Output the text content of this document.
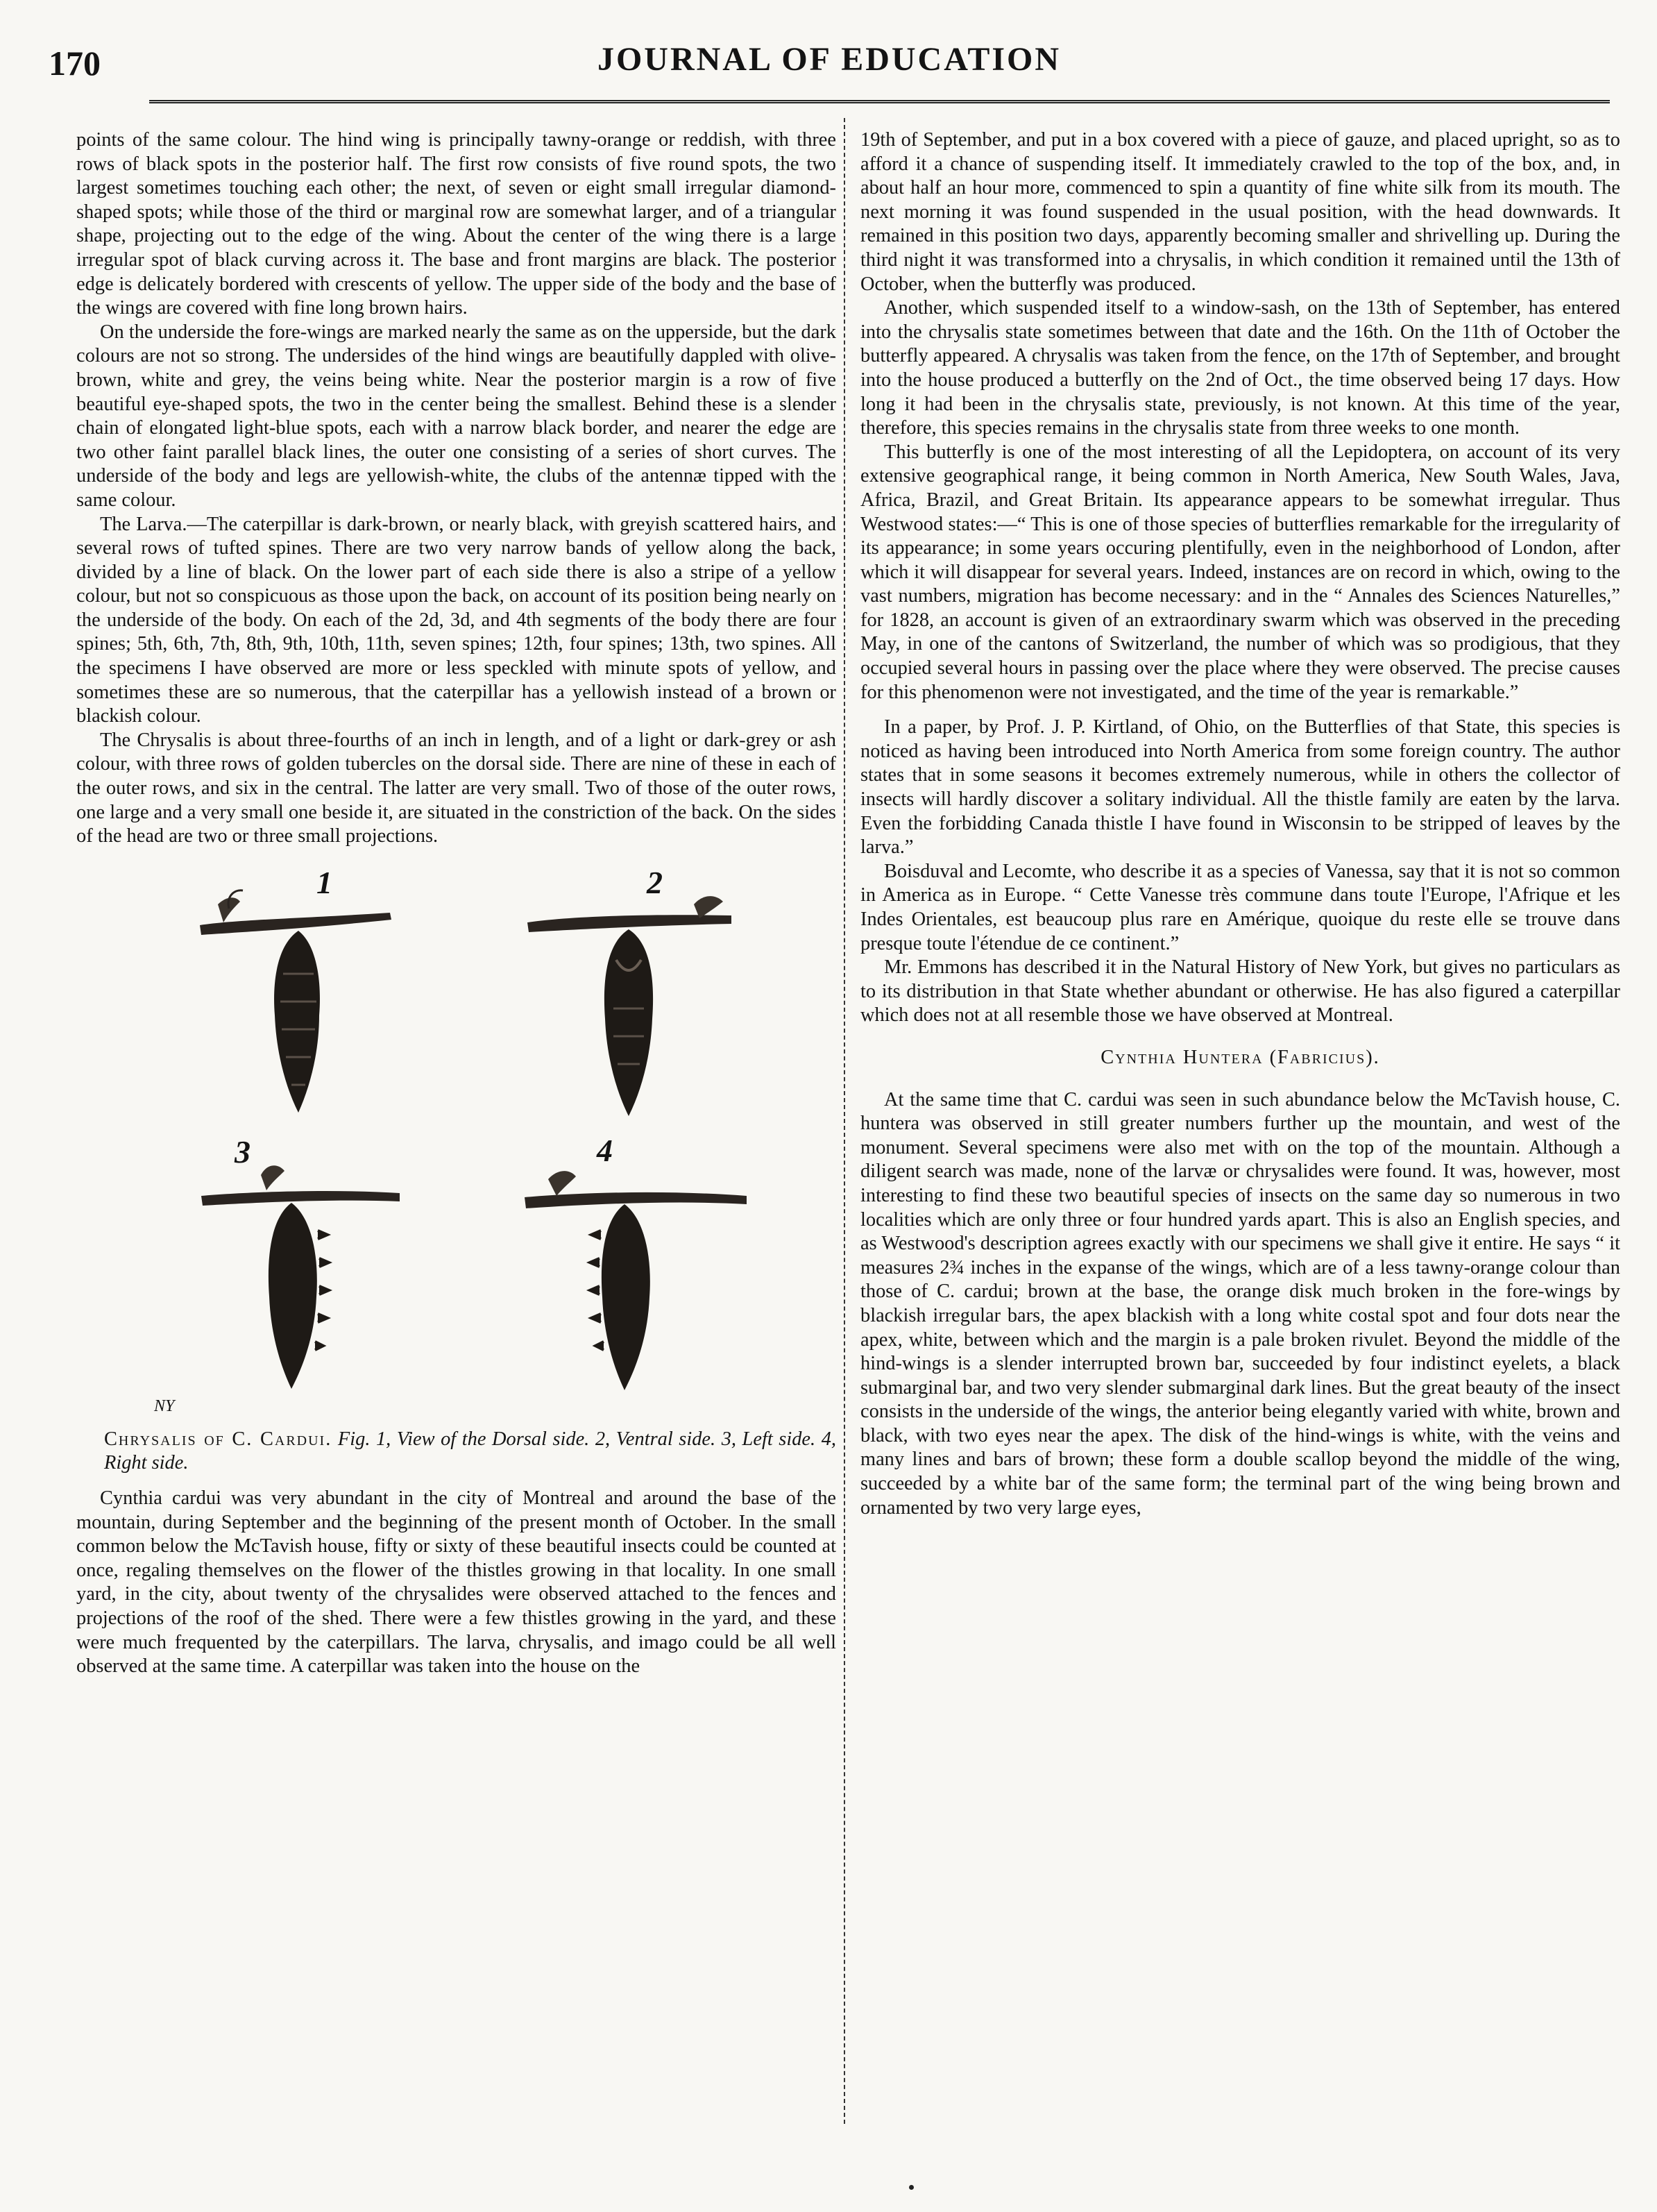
170	JOURNAL OF EDUCATION

points of the same colour. The hind wing is principally tawny-orange or reddish, with three rows of black spots in the posterior half. The first row consists of five round spots, the two largest sometimes touching each other; the next, of seven or eight small irregular diamond-shaped spots; while those of the third or marginal row are somewhat larger, and of a triangular shape, projecting out to the edge of the wing. About the center of the wing there is a large irregular spot of black curving across it. The base and front margins are black. The posterior edge is delicately bordered with crescents of yellow. The upper side of the body and the base of the wings are covered with fine long brown hairs.

On the underside the fore-wings are marked nearly the same as on the upperside, but the dark colours are not so strong. The undersides of the hind wings are beautifully dappled with olive-brown, white and grey, the veins being white. Near the posterior margin is a row of five beautiful eye-shaped spots, the two in the center being the smallest. Behind these is a slender chain of elongated light-blue spots, each with a narrow black border, and nearer the edge are two other faint parallel black lines, the outer one consisting of a series of short curves. The underside of the body and legs are yellowish-white, the clubs of the antennæ tipped with the same colour.

The Larva.—The caterpillar is dark-brown, or nearly black, with greyish scattered hairs, and several rows of tufted spines. There are two very narrow bands of yellow along the back, divided by a line of black. On the lower part of each side there is also a stripe of a yellow colour, but not so conspicuous as those upon the back, on account of its position being nearly on the underside of the body. On each of the 2d, 3d, and 4th segments of the body there are four spines; 5th, 6th, 7th, 8th, 9th, 10th, 11th, seven spines; 12th, four spines; 13th, two spines. All the specimens I have observed are more or less speckled with minute spots of yellow, and sometimes these are so numerous, that the caterpillar has a yellowish instead of a brown or blackish colour.

The Chrysalis is about three-fourths of an inch in length, and of a light or dark-grey or ash colour, with three rows of golden tubercles on the dorsal side. There are nine of these in each of the outer rows, and six in the central. The latter are very small. Two of those of the outer rows, one large and a very small one beside it, are situated in the constriction of the back. On the sides of the head are two or three small projections.

1	2
3	4
NY

Chrysalis of C. Cardui. Fig. 1, View of the Dorsal side. 2, Ventral side. 3, Left side. 4, Right side.

Cynthia cardui was very abundant in the city of Montreal and around the base of the mountain, during September and the beginning of the present month of October. In the small common below the McTavish house, fifty or sixty of these beautiful insects could be counted at once, regaling themselves on the flower of the thistles growing in that locality. In one small yard, in the city, about twenty of the chrysalides were observed attached to the fences and projections of the roof of the shed. There were a few thistles growing in the yard, and these were much frequented by the caterpillars. The larva, chrysalis, and imago could be all well observed at the same time. A caterpillar was taken into the house on the

19th of September, and put in a box covered with a piece of gauze, and placed upright, so as to afford it a chance of suspending itself. It immediately crawled to the top of the box, and, in about half an hour more, commenced to spin a quantity of fine white silk from its mouth. The next morning it was found suspended in the usual position, with the head downwards. It remained in this position two days, apparently becoming smaller and shrivelling up. During the third night it was transformed into a chrysalis, in which condition it remained until the 13th of October, when the butterfly was produced.

Another, which suspended itself to a window-sash, on the 13th of September, has entered into the chrysalis state sometimes between that date and the 16th. On the 11th of October the butterfly appeared. A chrysalis was taken from the fence, on the 17th of September, and brought into the house produced a butterfly on the 2nd of Oct., the time observed being 17 days. How long it had been in the chrysalis state, previously, is not known. At this time of the year, therefore, this species remains in the chrysalis state from three weeks to one month.

This butterfly is one of the most interesting of all the Lepidoptera, on account of its very extensive geographical range, it being common in North America, New South Wales, Java, Africa, Brazil, and Great Britain. Its appearance appears to be somewhat irregular. Thus Westwood states:—“ This is one of those species of butterflies remarkable for the irregularity of its appearance; in some years occuring plentifully, even in the neighborhood of London, after which it will disappear for several years. Indeed, instances are on record in which, owing to the vast numbers, migration has become necessary: and in the “ Annales des Sciences Naturelles,” for 1828, an account is given of an extraordinary swarm which was observed in the preceding May, in one of the cantons of Switzerland, the number of which was so prodigious, that they occupied several hours in passing over the place where they were observed. The precise causes for this phenomenon were not investigated, and the time of the year is remarkable.”

In a paper, by Prof. J. P. Kirtland, of Ohio, on the Butterflies of that State, this species is noticed as having been introduced into North America from some foreign country. The author states that in some seasons it becomes extremely numerous, while in others the collector of insects will hardly discover a solitary individual. All the thistle family are eaten by the larva. Even the forbidding Canada thistle I have found in Wisconsin to be stripped of leaves by the larva.”

Boisduval and Lecomte, who describe it as a species of Vanessa, say that it is not so common in America as in Europe. “ Cette Vanesse très commune dans toute l'Europe, l'Afrique et les Indes Orientales, est beaucoup plus rare en Amérique, quoique du reste elle se trouve dans presque toute l'étendue de ce continent.”

Mr. Emmons has described it in the Natural History of New York, but gives no particulars as to its distribution in that State whether abundant or otherwise. He has also figured a caterpillar which does not at all resemble those we have observed at Montreal.

Cynthia Huntera (Fabricius).

At the same time that C. cardui was seen in such abundance below the McTavish house, C. huntera was observed in still greater numbers further up the mountain, and west of the monument. Several specimens were also met with on the top of the mountain. Although a diligent search was made, none of the larvæ or chrysalides were found. It was, however, most interesting to find these two beautiful species of insects on the same day so numerous in two localities which are only three or four hundred yards apart. This is also an English species, and as Westwood's description agrees exactly with our specimens we shall give it entire. He says “ it measures 2¾ inches in the expanse of the wings, which are of a less tawny-orange colour than those of C. cardui; brown at the base, the orange disk much broken in the fore-wings by blackish irregular bars, the apex blackish with a long white costal spot and four dots near the apex, white, between which and the margin is a pale broken rivulet. Beyond the middle of the hind-wings is a slender interrupted brown bar, succeeded by four indistinct eyelets, a black submarginal bar, and two very slender submarginal dark lines. But the great beauty of the insect consists in the underside of the wings, the anterior being elegantly varied with white, brown and black, with two eyes near the apex. The disk of the hind-wings is white, with the veins and many lines and bars of brown; these form a double scallop beyond the middle of the wing, succeeded by a white bar of the same form; the terminal part of the wing being brown and ornamented by two very large eyes,
